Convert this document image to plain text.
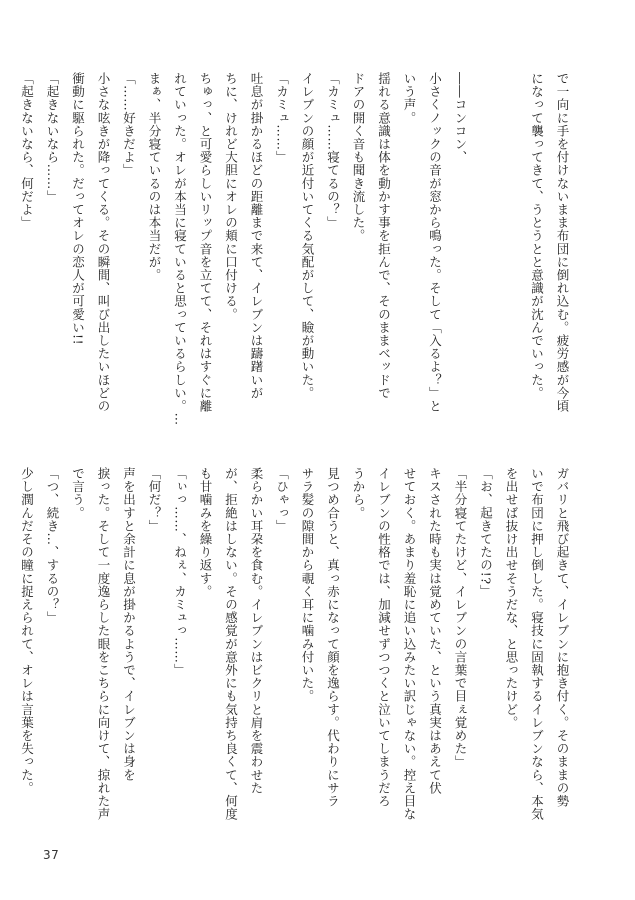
で一向に手を付けないまま布団に倒れ込む。疲労感が今頃
になって襲ってきて、うとうとと意識が沈んでいった。
――コンコン、
小さくノックの音が窓から鳴った。そして「入るよ？」と
いう声。
揺れる意識は体を動かす事を拒んで、そのままベッドで
ドアの開く音も聞き流した。
「カミュ……寝てるの？」
イレブンの顔が近付いてくる気配がして、瞼が動いた。
「カミュ……」
吐息が掛かるほどの距離まで来て、イレブンは躊躇いが
ちに、けれど大胆にオレの頬に口付ける。
ちゅっ、と可愛らしいリップ音を立てて、それはすぐに離
れていった。オレが本当に寝ていると思っているらしい。…
まぁ、半分寝ているのは本当だが。
「……好きだよ」
小さな呟きが降ってくる。その瞬間、叫び出したいほどの
衝動に駆られた。だってオレの恋人が可愛い!!
「起きないなら……」
「起きないなら、何だよ」
ガバリと飛び起きて、イレブンに抱き付く。そのままの勢
いで布団に押し倒した。寝技に固執するイレブンなら、本気
を出せば抜け出せそうだな、と思ったけど。
「お、起きてたの!?」
「半分寝てたけど、イレブンの言葉で目ぇ覚めた」
キスされた時も実は覚めていた、という真実はあえて伏
せておく。あまり羞恥に追い込みたい訳じゃない。控え目な
イレブンの性格では、加減せずつつくと泣いてしまうだろ
うから。
見つめ合うと、真っ赤になって顔を逸らす。代わりにサラ
サラ髪の隙間から覗く耳に噛み付いた。
「ひゃっ」
柔らかい耳朶を食む。イレブンはビクリと肩を震わせた
が、拒絶はしない。その感覚が意外にも気持ち良くて、何度
も甘噛みを繰り返す。
「ぃっ……、ねぇ、カミュっ……」
「何だ？」
声を出すと余計に息が掛かるようで、イレブンは身を
捩った。そして一度逸らした眼をこちらに向けて、掠れた声
で言う。
「つ、続き…、するの？」
少し潤んだその瞳に捉えられて、オレは言葉を失った。
37
